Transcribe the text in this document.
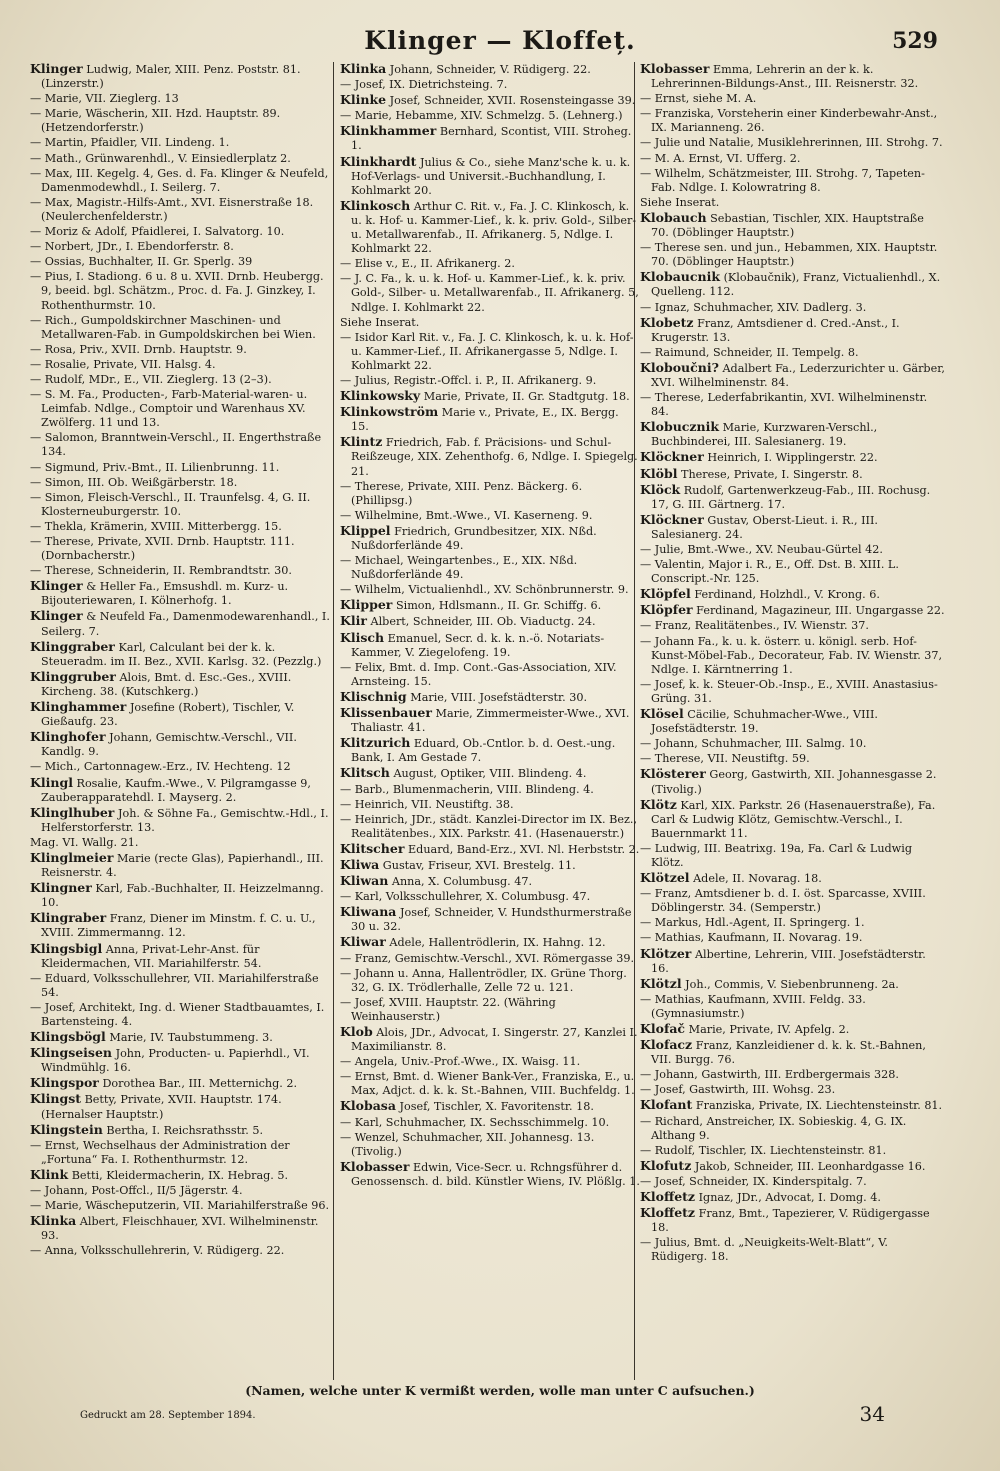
Klinger — Kloffeț.	529
Klinger Ludwig, Maler, XIII. Penz. Poststr. 81. (Linzerstr.)
— Marie, VII. Zieglerg. 13
— Marie, Wäscherin, XII. Hzd. Hauptstr. 89. (Hetzendorferstr.)
— Martin, Pfaidler, VII. Lindeng. 1.
— Math., Grünwarenhdl., V. Einsiedlerplatz 2.
— Max, III. Kegelg. 4, Ges. d. Fa. Klinger & Neufeld, Damenmodewhdl., I. Seilerg. 7.
— Max, Magistr.-Hilfs-Amt., XVI. Eisnerstraße 18. (Neulerchenfelderstr.)
— Moriz & Adolf, Pfaidlerei, I. Salvatorg. 10.
— Norbert, JDr., I. Ebendorferstr. 8.
— Ossias, Buchhalter, II. Gr. Sperlg. 39
— Pius, I. Stadiong. 6 u. 8 u. XVII. Drnb. Heubergg. 9, beeid. bgl. Schätzm., Proc. d. Fa. J. Ginzkey, I. Rothenthurmstr. 10.
— Rich., Gumpoldskirchner Maschinen- und Metallwaren-Fab. in Gumpoldskirchen bei Wien.
— Rosa, Priv., XVII. Drnb. Hauptstr. 9.
— Rosalie, Private, VII. Halsg. 4.
— Rudolf, MDr., E., VII. Zieglerg. 13 (2–3).
— S. M. Fa., Producten-, Farb-Material-waren- u. Leimfab. Ndlge., Comptoir und Warenhaus XV. Zwölferg. 11 und 13.
— Salomon, Branntwein-Verschl., II. Engerthstraße 134.
— Sigmund, Priv.-Bmt., II. Lilienbrunng. 11.
— Simon, III. Ob. Weißgärberstr. 18.
— Simon, Fleisch-Verschl., II. Traunfelsg. 4, G. II. Klosterneuburgerstr. 10.
— Thekla, Krämerin, XVIII. Mitterbergg. 15.
— Therese, Private, XVII. Drnb. Hauptstr. 111. (Dornbacherstr.)
— Therese, Schneiderin, II. Rembrandtstr. 30.
Klinger & Heller Fa., Emsushdl. m. Kurz- u. Bijouteriewaren, I. Kölnerhofg. 1.
Klinger & Neufeld Fa., Damenmodewarenhandl., I. Seilerg. 7.
Klinggraber Karl, Calculant bei der k. k. Steueradm. im II. Bez., XVII. Karlsg. 32. (Pezzlg.)
Klinggruber Alois, Bmt. d. Esc.-Ges., XVIII. Kircheng. 38. (Kutschkerg.)
Klinghammer Josefine (Robert), Tischler, V. Gießaufg. 23.
Klinghofer Johann, Gemischtw.-Verschl., VII. Kandlg. 9.
— Mich., Cartonnagew.-Erz., IV. Hechteng. 12
Klingl Rosalie, Kaufm.-Wwe., V. Pilgramgasse 9, Zauberapparatehdl. I. Mayserg. 2.
Klinglhuber Joh. & Söhne Fa., Gemischtw.-Hdl., I. Helferstorferstr. 13.
Mag. VI. Wallg. 21.
Klinglmeier Marie (recte Glas), Papierhandl., III. Reisnerstr. 4.
Klingner Karl, Fab.-Buchhalter, II. Heizzelmanng. 10.
Klingraber Franz, Diener im Minstm. f. C. u. U., XVIII. Zimmermanng. 12.
Klingsbigl Anna, Privat-Lehr-Anst. für Kleidermachen, VII. Mariahilferstr. 54.
— Eduard, Volksschullehrer, VII. Mariahilferstraße 54.
— Josef, Architekt, Ing. d. Wiener Stadtbauamtes, I. Bartensteing. 4.
Klingsbögl Marie, IV. Taubstummeng. 3.
Klingseisen John, Producten- u. Papierhdl., VI. Windmühlg. 16.
Klingspor Dorothea Bar., III. Metternichg. 2.
Klingst Betty, Private, XVII. Hauptstr. 174. (Hernalser Hauptstr.)
Klingstein Bertha, I. Reichsrathsstr. 5.
— Ernst, Wechselhaus der Administration der „Fortuna“ Fa. I. Rothenthurmstr. 12.
Klink Betti, Kleidermacherin, IX. Hebrag. 5.
— Johann, Post-Offcl., II/5 Jägerstr. 4.
— Marie, Wäscheputzerin, VII. Mariahilferstraße 96.
Klinka Albert, Fleischhauer, XVI. Wilhelminenstr. 93.
— Anna, Volksschullehrerin, V. Rüdigerg. 22.
Klinka Johann, Schneider, V. Rüdigerg. 22.
— Josef, IX. Dietrichsteing. 7.
Klinke Josef, Schneider, XVII. Rosensteingasse 39.
— Marie, Hebamme, XIV. Schmelzg. 5. (Lehnerg.)
Klinkhammer Bernhard, Scontist, VIII. Stroheg. 1.
Klinkhardt Julius & Co., siehe Manz'sche k. u. k. Hof-Verlags- und Universit.-Buchhandlung, I. Kohlmarkt 20.
Klinkosch Arthur C. Rit. v., Fa. J. C. Klinkosch, k. u. k. Hof- u. Kammer-Lief., k. k. priv. Gold-, Silber- u. Metallwarenfab., II. Afrikanerg. 5, Ndlge. I. Kohlmarkt 22.
— Elise v., E., II. Afrikanerg. 2.
— J. C. Fa., k. u. k. Hof- u. Kammer-Lief., k. k. priv. Gold-, Silber- u. Metallwarenfab., II. Afrikanerg. 5, Ndlge. I. Kohlmarkt 22.
Siehe Inserat.
— Isidor Karl Rit. v., Fa. J. C. Klinkosch, k. u. k. Hof- u. Kammer-Lief., II. Afrikanergasse 5, Ndlge. I. Kohlmarkt 22.
— Julius, Registr.-Offcl. i. P., II. Afrikanerg. 9.
Klinkowsky Marie, Private, II. Gr. Stadtgutg. 18.
Klinkowström Marie v., Private, E., IX. Bergg. 15.
Klintz Friedrich, Fab. f. Präcisions- und Schul-Reißzeuge, XIX. Zehenthofg. 6, Ndlge. I. Spiegelg. 21.
— Therese, Private, XIII. Penz. Bäckerg. 6. (Phillipsg.)
— Wilhelmine, Bmt.-Wwe., VI. Kaserneng. 9.
Klippel Friedrich, Grundbesitzer, XIX. Nßd. Nußdorferlände 49.
— Michael, Weingartenbes., E., XIX. Nßd. Nußdorferlände 49.
— Wilhelm, Victualienhdl., XV. Schönbrunnerstr. 9.
Klipper Simon, Hdlsmann., II. Gr. Schiffg. 6.
Klir Albert, Schneider, III. Ob. Viaductg. 24.
Klisch Emanuel, Secr. d. k. k. n.-ö. Notariats-Kammer, V. Ziegelofeng. 19.
— Felix, Bmt. d. Imp. Cont.-Gas-Association, XIV. Arnsteing. 15.
Klischnig Marie, VIII. Josefstädterstr. 30.
Klissenbauer Marie, Zimmermeister-Wwe., XVI. Thaliastr. 41.
Klitzurich Eduard, Ob.-Cntlor. b. d. Oest.-ung. Bank, I. Am Gestade 7.
Klitsch August, Optiker, VIII. Blindeng. 4.
— Barb., Blumenmacherin, VIII. Blindeng. 4.
— Heinrich, VII. Neustiftg. 38.
— Heinrich, JDr., städt. Kanzlei-Director im IX. Bez., Realitätenbes., XIX. Parkstr. 41. (Hasenauerstr.)
Klitscher Eduard, Band-Erz., XVI. Nl. Herbststr. 2.
Kliwa Gustav, Friseur, XVI. Brestelg. 11.
Kliwan Anna, X. Columbusg. 47.
— Karl, Volksschullehrer, X. Columbusg. 47.
Kliwana Josef, Schneider, V. Hundsthurmerstraße 30 u. 32.
Kliwar Adele, Hallentrödlerin, IX. Hahng. 12.
— Franz, Gemischtw.-Verschl., XVI. Römergasse 39.
— Johann u. Anna, Hallentrödler, IX. Grüne Thorg. 32, G. IX. Trödlerhalle, Zelle 72 u. 121.
— Josef, XVIII. Hauptstr. 22. (Währing Weinhauserstr.)
Klob Alois, JDr., Advocat, I. Singerstr. 27, Kanzlei I. Maximilianstr. 8.
— Angela, Univ.-Prof.-Wwe., IX. Waisg. 11.
— Ernst, Bmt. d. Wiener Bank-Ver., Franziska, E., u. Max, Adjct. d. k. k. St.-Bahnen, VIII. Buchfeldg. 1.
Klobasa Josef, Tischler, X. Favoritenstr. 18.
— Karl, Schuhmacher, IX. Sechsschimmelg. 10.
— Wenzel, Schuhmacher, XII. Johannesg. 13. (Tivolig.)
Klobasser Edwin, Vice-Secr. u. Rchngsführer d. Genossensch. d. bild. Künstler Wiens, IV. Plößlg. 1.
Klobasser Emma, Lehrerin an der k. k. Lehrerinnen-Bildungs-Anst., III. Reisnerstr. 32.
— Ernst, siehe M. A.
— Franziska, Vorsteherin einer Kinderbewahr-Anst., IX. Marianneng. 26.
— Julie und Natalie, Musiklehrerinnen, III. Strohg. 7.
— M. A. Ernst, VI. Ufferg. 2.
— Wilhelm, Schätzmeister, III. Strohg. 7, Tapeten-Fab. Ndlge. I. Kolowratring 8.
Siehe Inserat.
Klobauch Sebastian, Tischler, XIX. Hauptstraße 70. (Döblinger Hauptstr.)
— Therese sen. und jun., Hebammen, XIX. Hauptstr. 70. (Döblinger Hauptstr.)
Klobaucnik (Klobaučnik), Franz, Victualienhdl., X. Quelleng. 112.
— Ignaz, Schuhmacher, XIV. Dadlerg. 3.
Klobetz Franz, Amtsdiener d. Cred.-Anst., I. Krugerstr. 13.
— Raimund, Schneider, II. Tempelg. 8.
Kloboučni? Adalbert Fa., Lederzurichter u. Gärber, XVI. Wilhelminenstr. 84.
— Therese, Lederfabrikantin, XVI. Wilhelminenstr. 84.
Klobucznik Marie, Kurzwaren-Verschl., Buchbinderei, III. Salesianerg. 19.
Klöckner Heinrich, I. Wipplingerstr. 22.
Klöbl Therese, Private, I. Singerstr. 8.
Klöck Rudolf, Gartenwerkzeug-Fab., III. Rochusg. 17, G. III. Gärtnerg. 17.
Klöckner Gustav, Oberst-Lieut. i. R., III. Salesianerg. 24.
— Julie, Bmt.-Wwe., XV. Neubau-Gürtel 42.
— Valentin, Major i. R., E., Off. Dst. B. XIII. L. Conscript.-Nr. 125.
Klöpfel Ferdinand, Holzhdl., V. Krong. 6.
Klöpfer Ferdinand, Magazineur, III. Ungargasse 22.
— Franz, Realitätenbes., IV. Wienstr. 37.
— Johann Fa., k. u. k. österr. u. königl. serb. Hof-Kunst-Möbel-Fab., Decorateur, Fab. IV. Wienstr. 37, Ndlge. I. Kärntnerring 1.
— Josef, k. k. Steuer-Ob.-Insp., E., XVIII. Anastasius-Grüng. 31.
Klösel Cäcilie, Schuhmacher-Wwe., VIII. Josefstädterstr. 19.
— Johann, Schuhmacher, III. Salmg. 10.
— Therese, VII. Neustiftg. 59.
Klösterer Georg, Gastwirth, XII. Johannesgasse 2. (Tivolig.)
Klötz Karl, XIX. Parkstr. 26 (Hasenauerstraße), Fa. Carl & Ludwig Klötz, Gemischtw.-Verschl., I. Bauernmarkt 11.
— Ludwig, III. Beatrixg. 19a, Fa. Carl & Ludwig Klötz.
Klötzel Adele, II. Novarag. 18.
— Franz, Amtsdiener b. d. I. öst. Sparcasse, XVIII. Döblingerstr. 34. (Semperstr.)
— Markus, Hdl.-Agent, II. Springerg. 1.
— Mathias, Kaufmann, II. Novarag. 19.
Klötzer Albertine, Lehrerin, VIII. Josefstädterstr. 16.
Klötzl Joh., Commis, V. Siebenbrunneng. 2a.
— Mathias, Kaufmann, XVIII. Feldg. 33. (Gymnasiumstr.)
Klofač Marie, Private, IV. Apfelg. 2.
Klofacz Franz, Kanzleidiener d. k. k. St.-Bahnen, VII. Burgg. 76.
— Johann, Gastwirth, III. Erdbergermais 328.
— Josef, Gastwirth, III. Wohsg. 23.
Klofant Franziska, Private, IX. Liechtensteinstr. 81.
— Richard, Anstreicher, IX. Sobieskig. 4, G. IX. Althang 9.
— Rudolf, Tischler, IX. Liechtensteinstr. 81.
Klofutz Jakob, Schneider, III. Leonhardgasse 16.
— Josef, Schneider, IX. Kinderspitalg. 7.
Kloffetz Ignaz, JDr., Advocat, I. Domg. 4.
Kloffetz Franz, Bmt., Tapezierer, V. Rüdigergasse 18.
— Julius, Bmt. d. „Neuigkeits-Welt-Blatt“, V. Rüdigerg. 18.
(Namen, welche unter K vermißt werden, wolle man unter C aufsuchen.)
Gedruckt am 28. September 1894.	34
